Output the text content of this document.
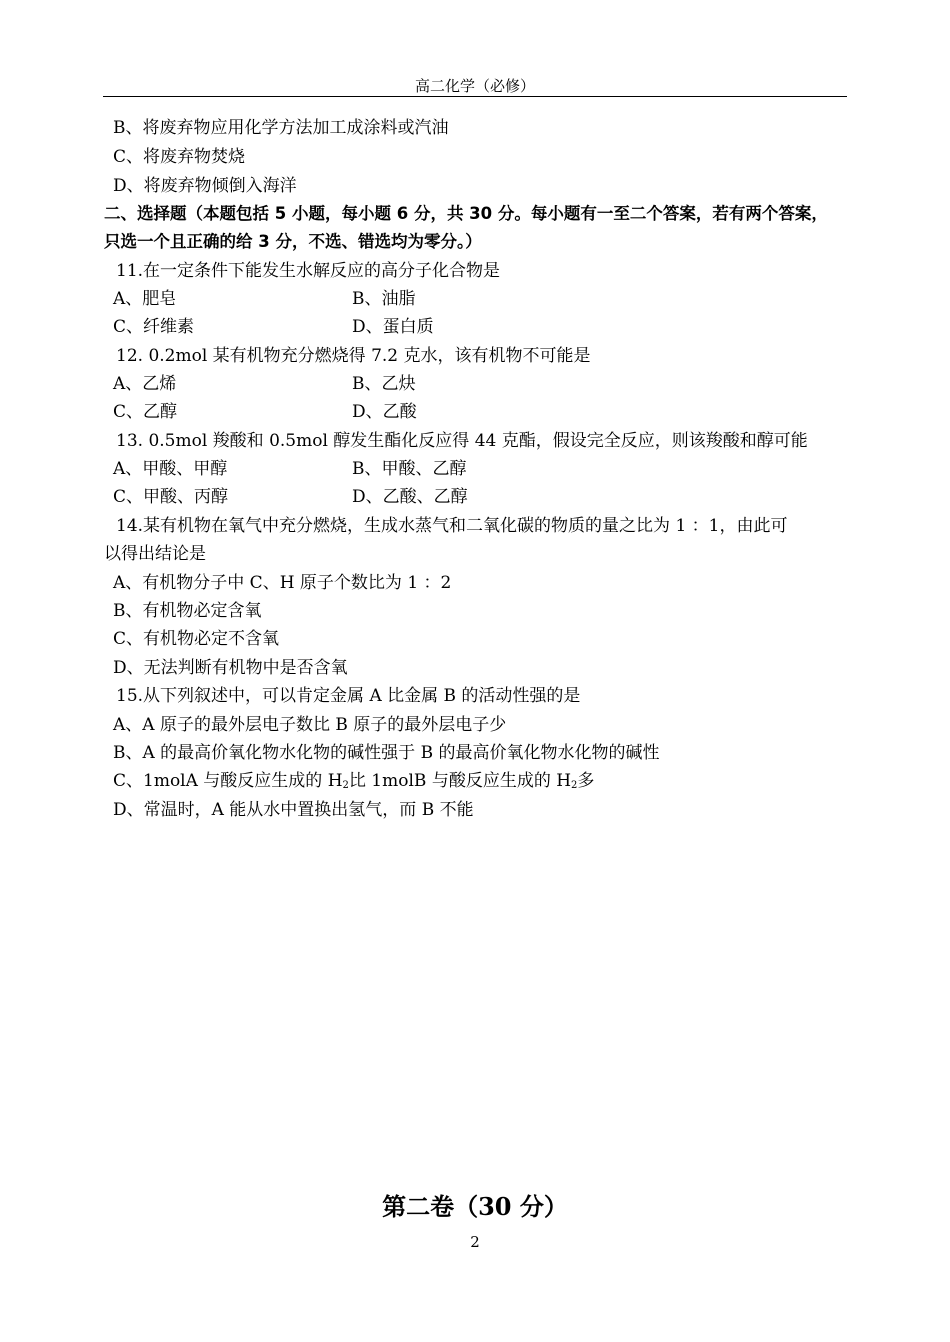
高二化学（必修）
B、将废弃物应用化学方法加工成涂料或汽油
C、将废弃物焚烧
D、将废弃物倾倒入海洋
二、选择题（本题包括 5 小题，每小题 6 分，共 30 分。每小题有一至二个答案，若有两个答案，
只选一个且正确的给 3 分，不选、错选均为零分。）
11.在一定条件下能发生水解反应的高分子化合物是
A、肥皂	B、油脂
C、纤维素	D、蛋白质
12. 0.2mol 某有机物充分燃烧得 7.2 克水，该有机物不可能是
A、乙烯	B、乙炔
C、乙醇	D、乙酸
13. 0.5mol 羧酸和 0.5mol 醇发生酯化反应得 44 克酯，假设完全反应，则该羧酸和醇可能
A、甲酸、甲醇	B、甲酸、乙醇
C、甲酸、丙醇	D、乙酸、乙醇
14.某有机物在氧气中充分燃烧，生成水蒸气和二氧化碳的物质的量之比为 1 ：1，由此可
以得出结论是
A、有机物分子中 C、H 原子个数比为 1 ：2
B、有机物必定含氧
C、有机物必定不含氧
D、无法判断有机物中是否含氧
15.从下列叙述中，可以肯定金属 A 比金属 B 的活动性强的是
A、A 原子的最外层电子数比 B 原子的最外层电子少
B、A 的最高价氧化物水化物的碱性强于 B 的最高价氧化物水化物的碱性
C、1molA 与酸反应生成的 $H_2$比 1molB 与酸反应生成的 $H_2$多
D、常温时，A 能从水中置换出氢气，而 B 不能
第二卷（30 分）
2
